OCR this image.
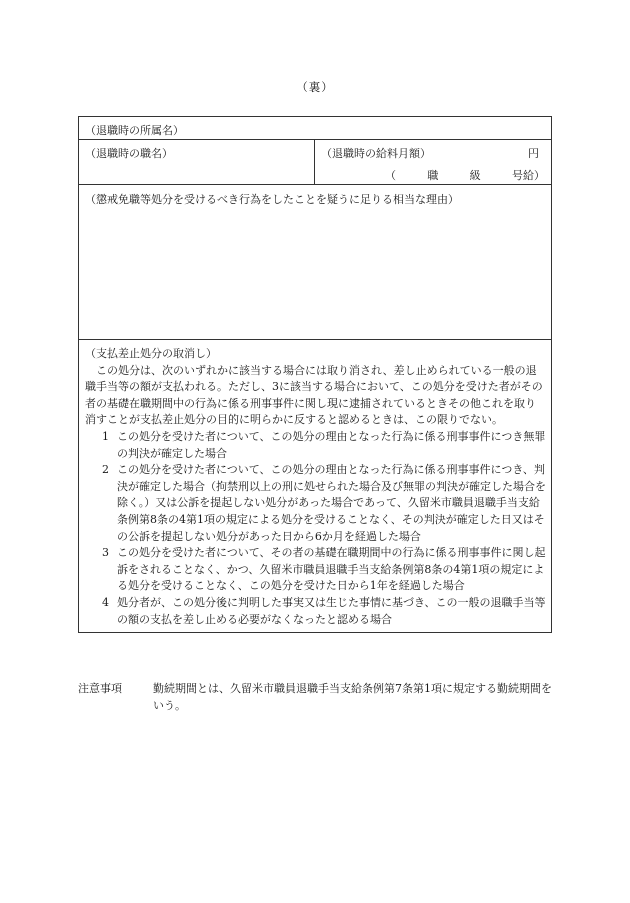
（裏）
（退職時の所属名）
（退職時の職名）	（退職時の給料月額）	円
（	職	級	号給）
（懲戒免職等処分を受けるべき行為をしたことを疑うに足りる相当な理由）
（支払差止処分の取消し）

この処分は、次のいずれかに該当する場合には取り消され、差し止められている一般の退職手当等の額が支払われる。ただし、3に該当する場合において、この処分を受けた者がその者の基礎在職期間中の行為に係る刑事事件に関し現に逮捕されているときその他これを取り消すことが支払差止処分の目的に明らかに反すると認めるときは、この限りでない。

1 この処分を受けた者について、この処分の理由となった行為に係る刑事事件につき無罪の判決が確定した場合
2 この処分を受けた者について、この処分の理由となった行為に係る刑事事件につき、判決が確定した場合（拘禁刑以上の刑に処せられた場合及び無罪の判決が確定した場合を除く。）又は公訴を提起しない処分があった場合であって、久留米市職員退職手当支給条例第8条の4第1項の規定による処分を受けることなく、その判決が確定した日又はその公訴を提起しない処分があった日から6か月を経過した場合
3 この処分を受けた者について、その者の基礎在職期間中の行為に係る刑事事件に関し起訴をされることなく、かつ、久留米市職員退職手当支給条例第8条の4第1項の規定による処分を受けることなく、この処分を受けた日から1年を経過した場合
4 処分者が、この処分後に判明した事実又は生じた事情に基づき、この一般の退職手当等の額の支払を差し止める必要がなくなったと認める場合
注意事項	勤続期間とは、久留米市職員退職手当支給条例第7条第1項に規定する勤続期間をいう。
